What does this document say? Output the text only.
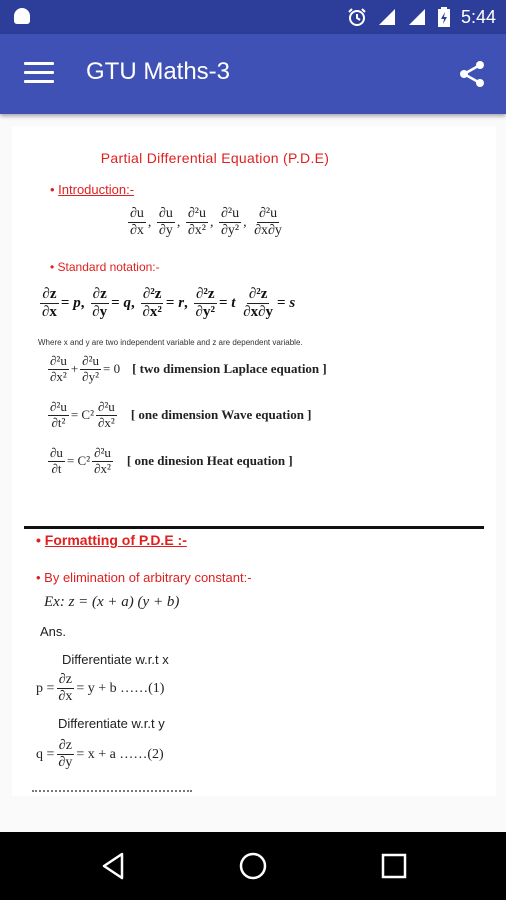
5:44
GTU Maths-3
Partial Differential Equation (P.D.E)
• Introduction:-
$\frac{\partial u}{\partial x}$ , $\frac{\partial u}{\partial y}$ , $\frac{\text{∂²u}}{\text{∂x²}}$ , $\frac{\text{∂²u}}{\text{∂y²}}$ , $\frac{\text{∂²u}}{\partial x\partial y}$
• Standard notation:-
$\frac{\partial z}{\partial x} = p$, $\frac{\partial z}{\partial y} = q$, $\frac{\text{∂²z}}{\text{∂x²}} = r$, $\frac{\text{∂²z}}{\text{∂y²}} = t \frac{\text{∂²z}}{\partial x\partial y} = s$
Where x and y are two independent variable and z are dependent variable.
$\frac{\text{∂²u}}{\text{∂x²}} + \frac{\text{∂²u}}{\text{∂y²}} = 0$ [ two dimension Laplace equation ]
$\frac{\text{∂²u}}{\text{∂t²}} = C^2 \frac{\text{∂²u}}{\text{∂x²}}$ [ one dimension Wave equation ]
$\frac{\partial u}{\partial t} = C^2 \frac{\text{∂²u}}{\text{∂x²}}$ [ one dinesion Heat equation ]
• Formatting of P.D.E :-
• By elimination of arbitrary constant:-
Ex: z = (x + a) (y + b)
Ans.
Differentiate w.r.t x
$p = \frac{\partial z}{\partial x} = y + b$ ……(1)
Differentiate w.r.t y
$q = \frac{\partial z}{\partial y} = x + a$ ……(2)
